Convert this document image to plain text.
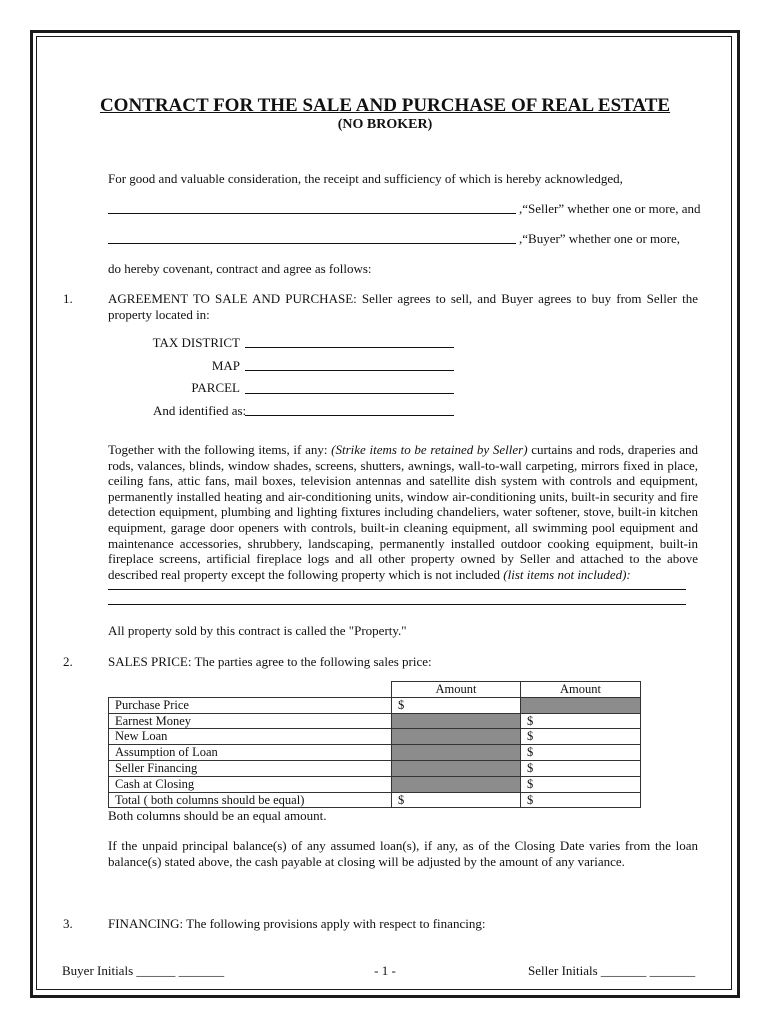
CONTRACT FOR THE SALE AND PURCHASE OF REAL ESTATE
(NO BROKER)
For good and valuable consideration, the receipt and sufficiency of which is hereby acknowledged,
,“Seller” whether one or more, and
,“Buyer” whether one or more,
do hereby covenant, contract and agree as follows:
1.	AGREEMENT TO SALE AND PURCHASE: Seller agrees to sell, and Buyer agrees to buy from Seller the property located in:
TAX DISTRICT
MAP
PARCEL
And identified as:
Together with the following items, if any: (Strike items to be retained by Seller) curtains and rods, draperies and rods, valances, blinds, window shades, screens, shutters, awnings, wall-to-wall carpeting, mirrors fixed in place, ceiling fans, attic fans, mail boxes, television antennas and satellite dish system with controls and equipment, permanently installed heating and air-conditioning units, window air-conditioning units, built-in security and fire detection equipment, plumbing and lighting fixtures including chandeliers, water softener, stove, built-in kitchen equipment, garage door openers with controls, built-in cleaning equipment, all swimming pool equipment and maintenance accessories, shrubbery, landscaping, permanently installed outdoor cooking equipment, built-in fireplace screens, artificial fireplace logs and all other property owned by Seller and attached to the above described real property except the following property which is not included (list items not included):
All property sold by this contract is called the "Property."
2.	SALES PRICE: The parties agree to the following sales price:
	Amount	Amount
Purchase Price	$	
Earnest Money		$
New Loan		$
Assumption of Loan		$
Seller Financing		$
Cash at Closing		$
Total ( both columns should be equal)	$	$
Both columns should be an equal amount.
If the unpaid principal balance(s) of any assumed loan(s), if any, as of the Closing Date varies from the loan balance(s) stated above, the cash payable at closing will be adjusted by the amount of any variance.
3.	FINANCING: The following provisions apply with respect to financing:
Buyer Initials ______ _______	- 1 -	Seller Initials _______ _______
